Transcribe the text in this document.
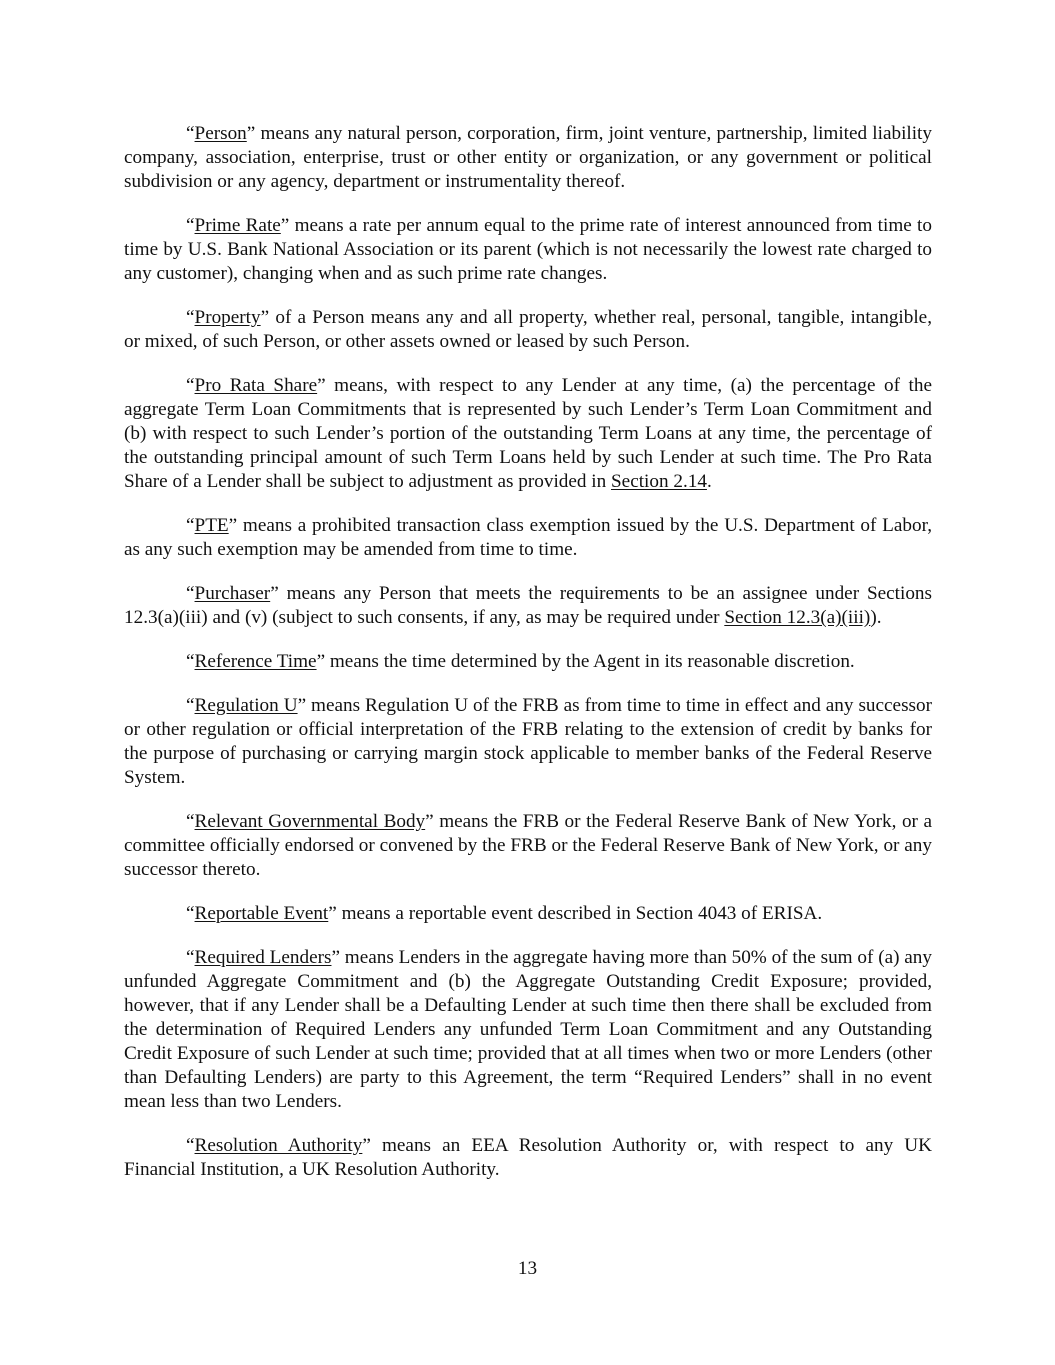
“Person” means any natural person, corporation, firm, joint venture, partnership, limited liability company, association, enterprise, trust or other entity or organization, or any government or political subdivision or any agency, department or instrumentality thereof.

“Prime Rate” means a rate per annum equal to the prime rate of interest announced from time to time by U.S. Bank National Association or its parent (which is not necessarily the lowest rate charged to any customer), changing when and as such prime rate changes.

“Property” of a Person means any and all property, whether real, personal, tangible, intangible, or mixed, of such Person, or other assets owned or leased by such Person.

“Pro Rata Share” means, with respect to any Lender at any time, (a) the percentage of the aggregate Term Loan Commitments that is represented by such Lender’s Term Loan Commitment and (b) with respect to such Lender’s portion of the outstanding Term Loans at any time, the percentage of the outstanding principal amount of such Term Loans held by such Lender at such time. The Pro Rata Share of a Lender shall be subject to adjustment as provided in Section 2.14.

“PTE” means a prohibited transaction class exemption issued by the U.S. Department of Labor, as any such exemption may be amended from time to time.

“Purchaser” means any Person that meets the requirements to be an assignee under Sections 12.3(a)(iii) and (v) (subject to such consents, if any, as may be required under Section 12.3(a)(iii)).

“Reference Time” means the time determined by the Agent in its reasonable discretion.

“Regulation U” means Regulation U of the FRB as from time to time in effect and any successor or other regulation or official interpretation of the FRB relating to the extension of credit by banks for the purpose of purchasing or carrying margin stock applicable to member banks of the Federal Reserve System.

“Relevant Governmental Body” means the FRB or the Federal Reserve Bank of New York, or a committee officially endorsed or convened by the FRB or the Federal Reserve Bank of New York, or any successor thereto.

“Reportable Event” means a reportable event described in Section 4043 of ERISA.

“Required Lenders” means Lenders in the aggregate having more than 50% of the sum of (a) any unfunded Aggregate Commitment and (b) the Aggregate Outstanding Credit Exposure; provided, however, that if any Lender shall be a Defaulting Lender at such time then there shall be excluded from the determination of Required Lenders any unfunded Term Loan Commitment and any Outstanding Credit Exposure of such Lender at such time; provided that at all times when two or more Lenders (other than Defaulting Lenders) are party to this Agreement, the term “Required Lenders” shall in no event mean less than two Lenders.

“Resolution Authority” means an EEA Resolution Authority or, with respect to any UK Financial Institution, a UK Resolution Authority.

13
